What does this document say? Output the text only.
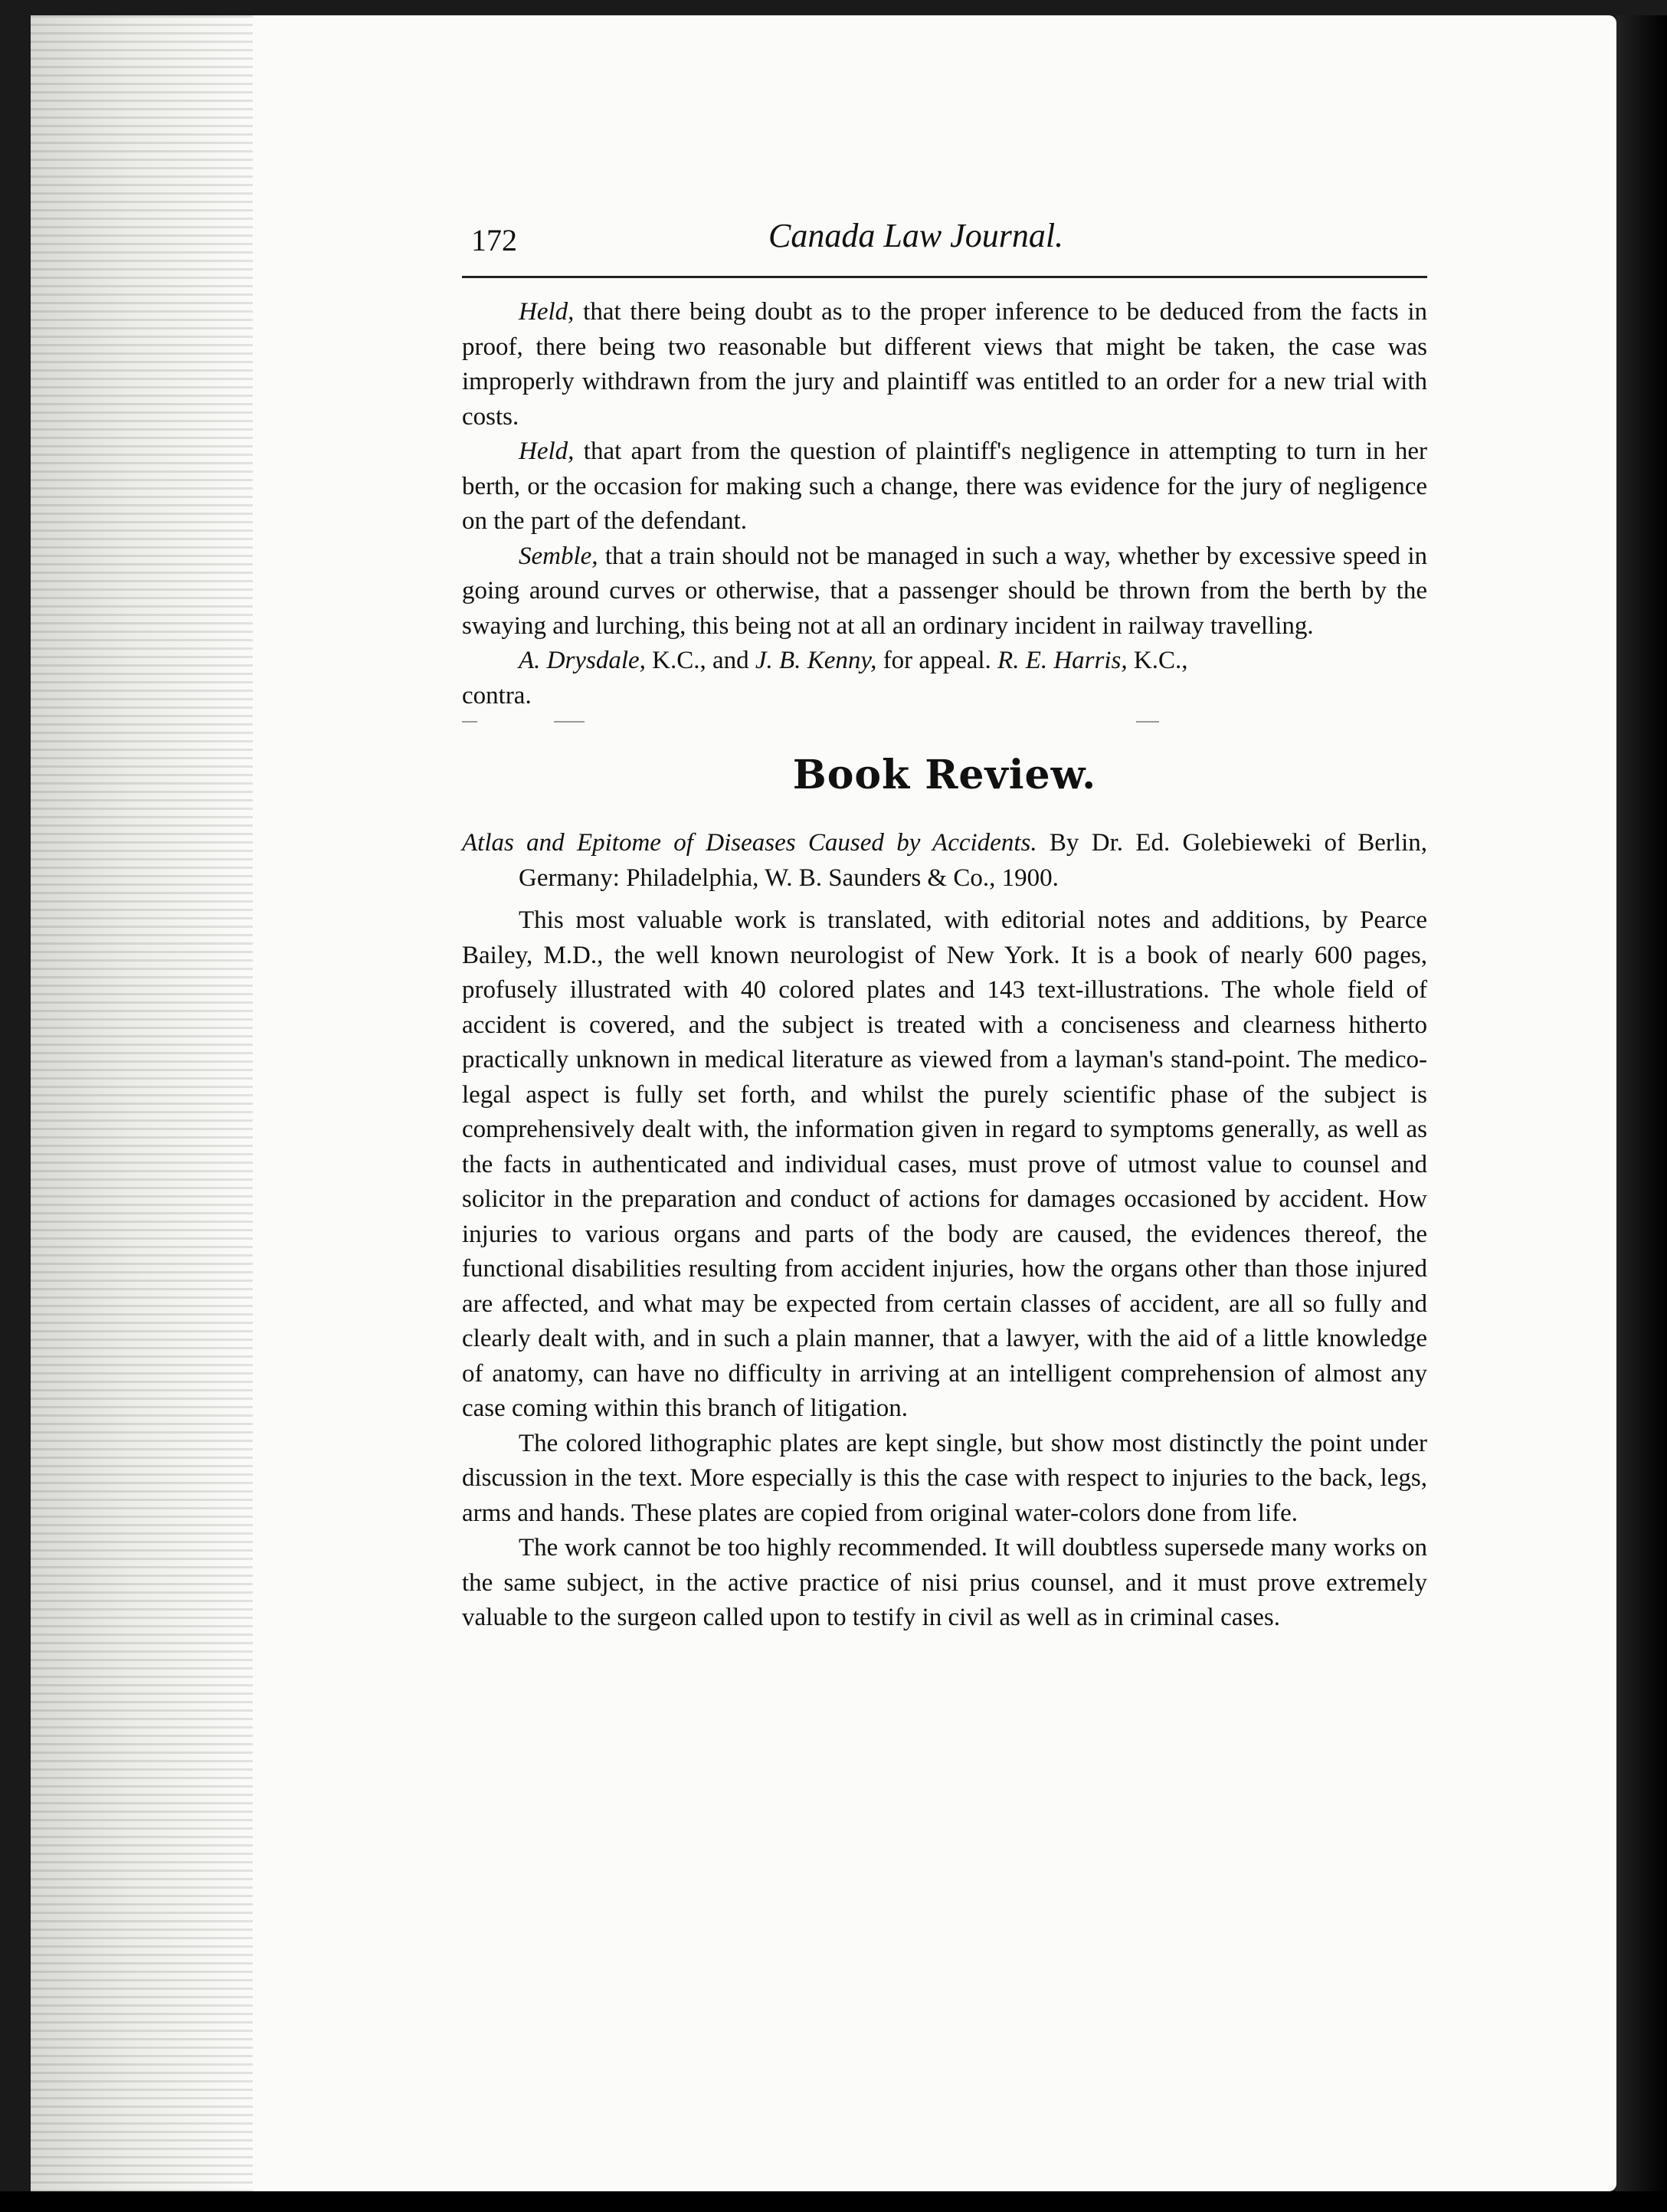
172	Canada Law Journal.

Held, that there being doubt as to the proper inference to be deduced from the facts in proof, there being two reasonable but different views that might be taken, the case was improperly withdrawn from the jury and plaintiff was entitled to an order for a new trial with costs.

Held, that apart from the question of plaintiff's negligence in attempting to turn in her berth, or the occasion for making such a change, there was evidence for the jury of negligence on the part of the defendant.

Semble, that a train should not be managed in such a way, whether by excessive speed in going around curves or otherwise, that a passenger should be thrown from the berth by the swaying and lurching, this being not at all an ordinary incident in railway travelling.

A. Drysdale, K.C., and J. B. Kenny, for appeal. R. E. Harris, K.C.,

contra.

Book Review.

Atlas and Epitome of Diseases Caused by Accidents. By Dr. Ed. Golebieweki of Berlin, Germany: Philadelphia, W. B. Saunders & Co., 1900.

This most valuable work is translated, with editorial notes and additions, by Pearce Bailey, M.D., the well known neurologist of New York. It is a book of nearly 600 pages, profusely illustrated with 40 colored plates and 143 text-illustrations. The whole field of accident is covered, and the subject is treated with a conciseness and clearness hitherto practically unknown in medical literature as viewed from a layman's stand-point. The medico-legal aspect is fully set forth, and whilst the purely scientific phase of the subject is comprehensively dealt with, the information given in regard to symptoms generally, as well as the facts in authenticated and individual cases, must prove of utmost value to counsel and solicitor in the preparation and conduct of actions for damages occasioned by accident. How injuries to various organs and parts of the body are caused, the evidences thereof, the functional disabilities resulting from accident injuries, how the organs other than those injured are affected, and what may be expected from certain classes of accident, are all so fully and clearly dealt with, and in such a plain manner, that a lawyer, with the aid of a little knowledge of anatomy, can have no difficulty in arriving at an intelligent comprehension of almost any case coming within this branch of litigation.

The colored lithographic plates are kept single, but show most distinctly the point under discussion in the text. More especially is this the case with respect to injuries to the back, legs, arms and hands. These plates are copied from original water-colors done from life.

The work cannot be too highly recommended. It will doubtless supersede many works on the same subject, in the active practice of nisi prius counsel, and it must prove extremely valuable to the surgeon called upon to testify in civil as well as in criminal cases.
